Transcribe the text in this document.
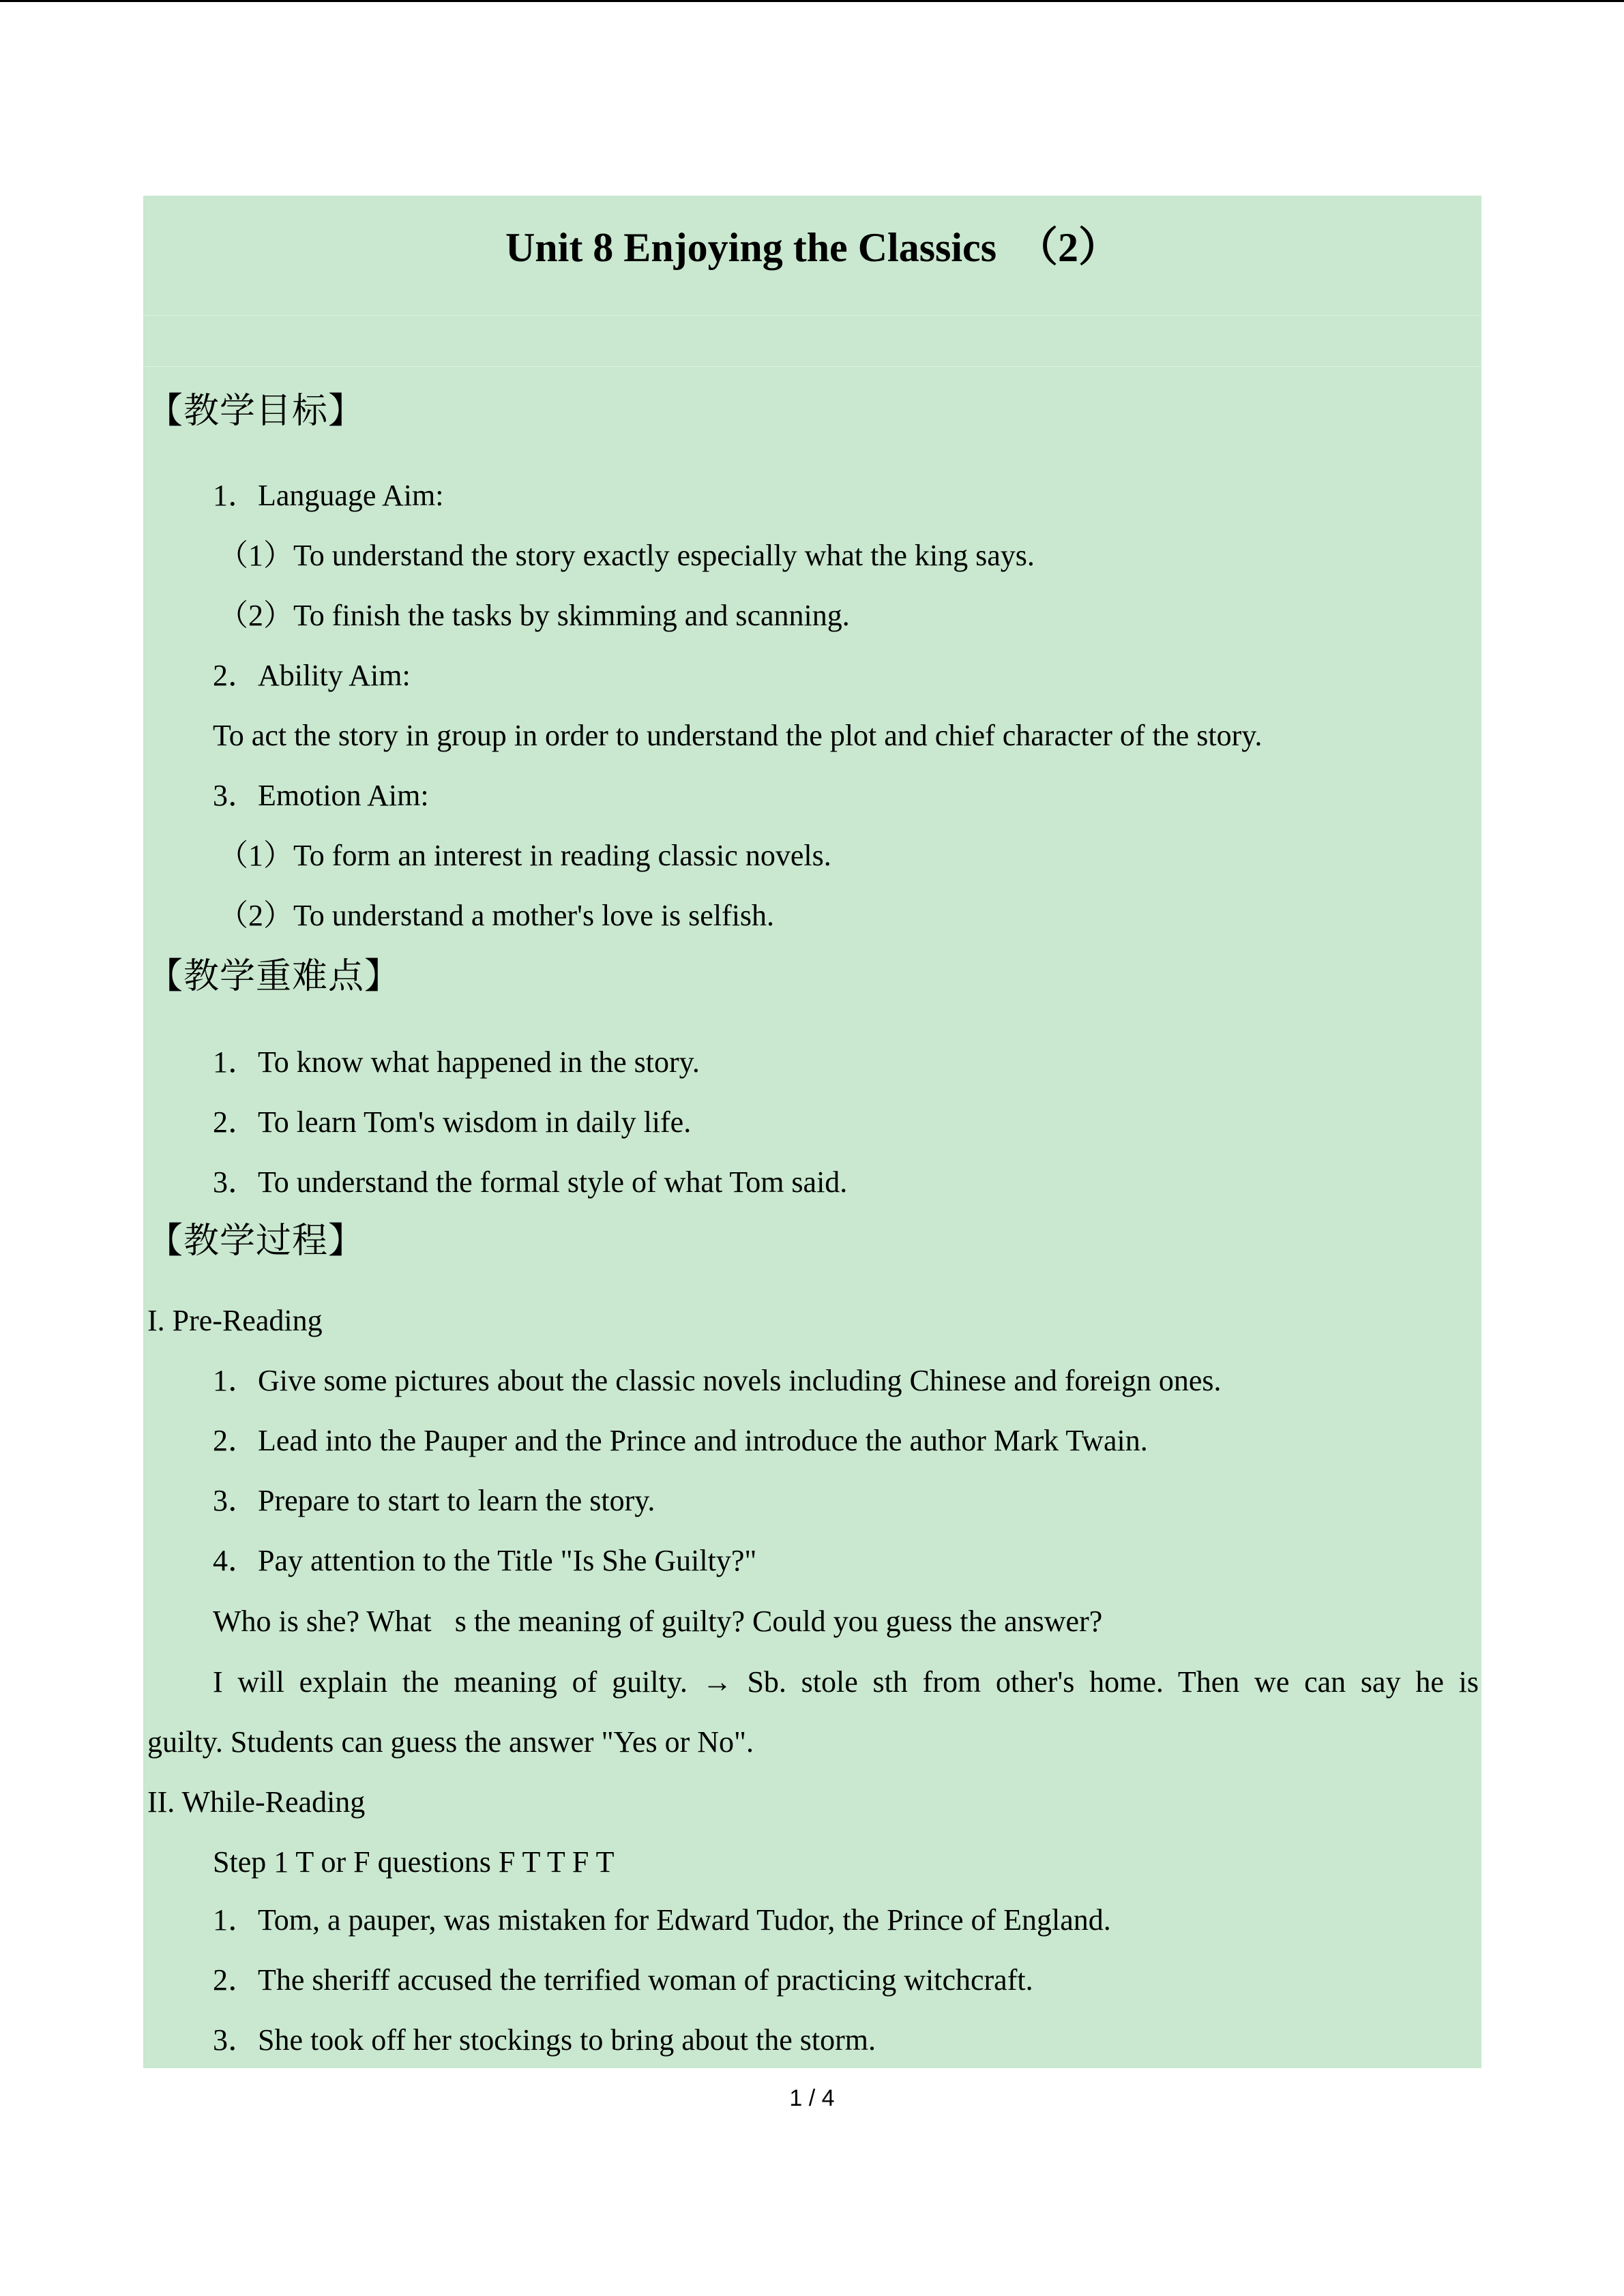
Unit 8 Enjoying the Classics　（2）
【教学目标】
1．Language Aim:
（1）To understand the story exactly especially what the king says.
（2）To finish the tasks by skimming and scanning.
2．Ability Aim:
To act the story in group in order to understand the plot and chief character of the story.
3．Emotion Aim:
（1）To form an interest in reading classic novels.
（2）To understand a mother's love is selfish.
【教学重难点】
1．To know what happened in the story.
2．To learn Tom's wisdom in daily life.
3．To understand the formal style of what Tom said.
【教学过程】
I. Pre-Reading
1．Give some pictures about the classic novels including Chinese and foreign ones.
2．Lead into the Pauper and the Prince and introduce the author Mark Twain.
3．Prepare to start to learn the story.
4．Pay attention to the Title "Is She Guilty?"
Who is she? What s the meaning of guilty? Could you guess the answer?
I will explain the meaning of guilty. → Sb. stole sth from other's home. Then we can say he is
guilty. Students can guess the answer "Yes or No".
II. While-Reading
Step 1 T or F questions F T T F T
1．Tom, a pauper, was mistaken for Edward Tudor, the Prince of England.
2．The sheriff accused the terrified woman of practicing witchcraft.
3．She took off her stockings to bring about the storm.
1 / 4
